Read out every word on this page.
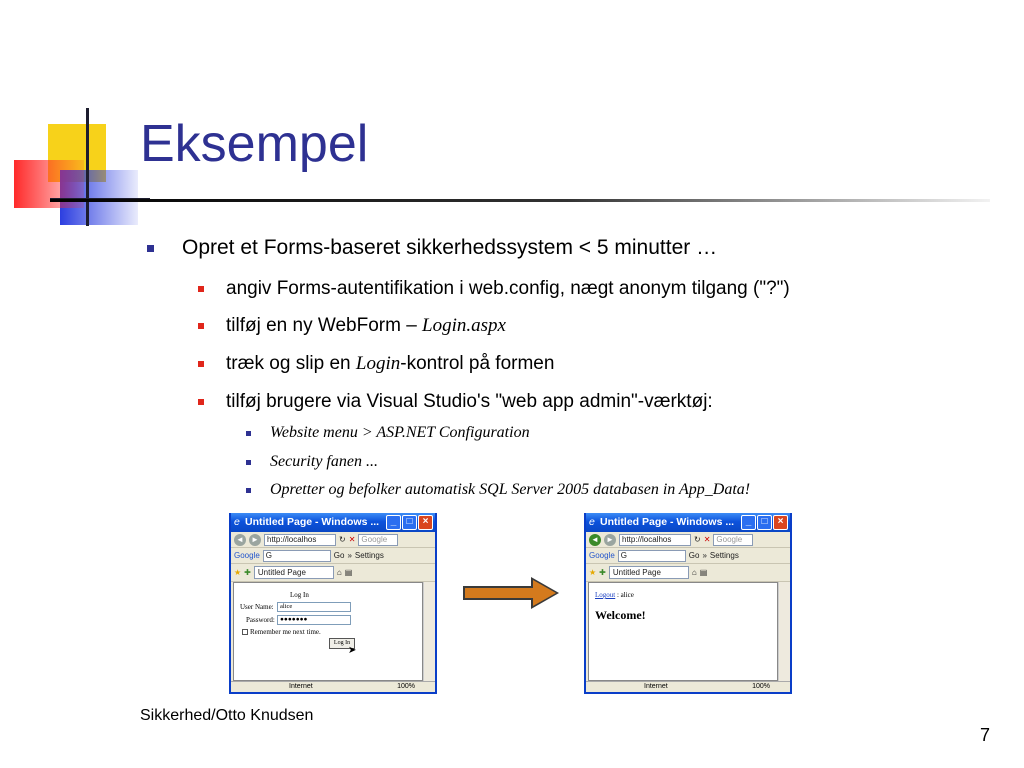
Eksempel
Opret et Forms-baseret sikkerhedssystem < 5 minutter …
angiv Forms-autentifikation i web.config, nægt anonym tilgang ("?")
tilføj en ny WebForm – Login.aspx
træk og slip en Login-kontrol på formen
tilføj brugere via Visual Studio's "web app admin"-værktøj:
Website menu > ASP.NET Configuration
Security fanen ...
Opretter og befolker automatisk SQL Server 2005 databasen in App_Data!
e Untitled Page - Windows ...	_	□	×
◄ ►	http://localhos	↻ ✕ Google
Google G	Go » Settings
★ ✚ Untitled Page	⌂ ▤
Log In
User Name: alice
Password: ●●●●●●●
Remember me next time.
Log In
➤
Internet	100%
e Untitled Page - Windows ...	_	□	×
◄ ►	http://localhos	↻ ✕ Google
Google G	Go » Settings
★ ✚ Untitled Page	⌂ ▤
Logout : alice
Welcome!
Internet	100%
Sikkerhed/Otto Knudsen
7
